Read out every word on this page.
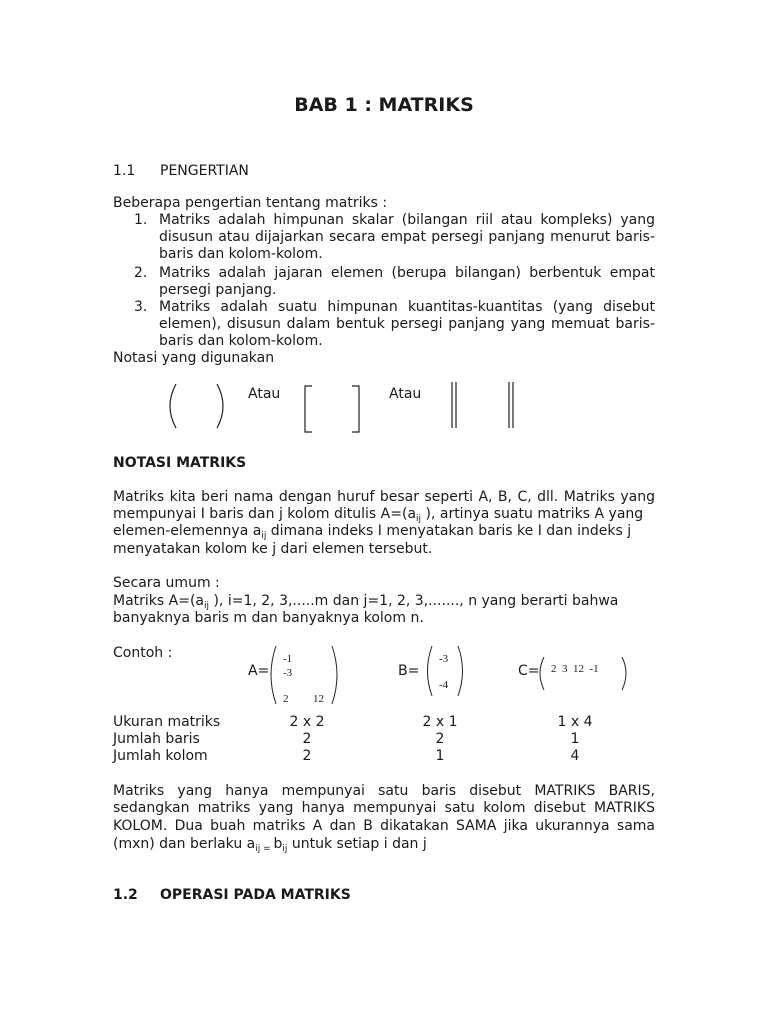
BAB 1 : MATRIKS
1.1 PENGERTIAN
Beberapa pengertian tentang matriks :
1. Matriks adalah himpunan skalar (bilangan riil atau kompleks) yang
disusun atau dijajarkan secara empat persegi panjang menurut baris-
baris dan kolom-kolom.
2. Matriks adalah jajaran elemen (berupa bilangan) berbentuk empat
persegi panjang.
3. Matriks adalah suatu himpunan kuantitas-kuantitas (yang disebut
elemen), disusun dalam bentuk persegi panjang yang memuat baris-
baris dan kolom-kolom.
Notasi yang digunakan
Atau	Atau
NOTASI MATRIKS
Matriks kita beri nama dengan huruf besar seperti A, B, C, dll. Matriks yang
mempunyai I baris dan j kolom ditulis $A=(a_{ij}$ ), artinya suatu matriks A yang
elemen-elemennya $a_{ij}$ dimana indeks I menyatakan baris ke I dan indeks j
menyatakan kolom ke j dari elemen tersebut.
Secara umum :
Matriks $A=(a_{ij}$ ), i=1, 2, 3,.....m dan j=1, 2, 3,......., n yang berarti bahwa
banyaknya baris m dan banyaknya kolom n.
Contoh :
A=
-1
-3
2 12
B=
-3
-4
C= 2  3  12  -1
Ukuran matriks	2 x 2	2 x 1	1 x 4
Jumlah baris	2	2	1
Jumlah kolom	2	1	4
Matriks yang hanya mempunyai satu baris disebut MATRIKS BARIS,
sedangkan matriks yang hanya mempunyai satu kolom disebut MATRIKS
KOLOM. Dua buah matriks A dan B dikatakan SAMA jika ukurannya sama
(mxn) dan berlaku $a_{ij =}$ $b_{ij}$ untuk setiap i dan j
1.2 OPERASI PADA MATRIKS
